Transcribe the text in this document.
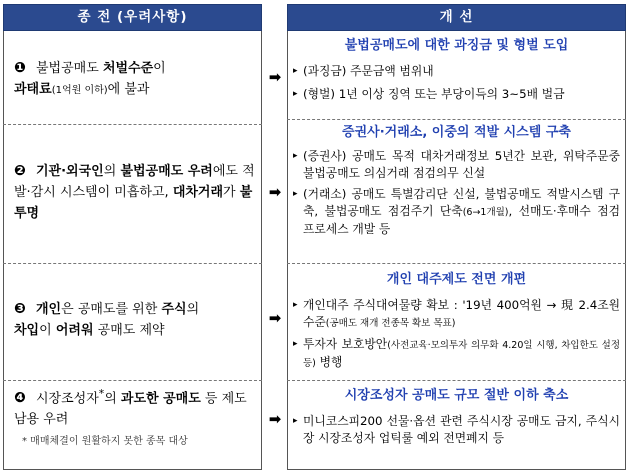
종 전 (우려사항)	개 선
❶ 불법공매도 처벌수준이
과태료(1억원 이하)에 불과
➡
불법공매도에 대한 과징금 및 형벌 도입
▸ (과징금) 주문금액 범위내
▸ (형벌) 1년 이상 징역 또는 부당이득의 3~5배 벌금
❷ 기관·외국인의 불법공매도 우려에도 적발·감시 시스템이 미흡하고, 대차거래가 불투명
➡
증권사·거래소, 이중의 적발 시스템 구축
▸ (증권사) 공매도 목적 대차거래정보 5년간 보관, 위탁주문중 불법공매도 의심거래 점검의무 신설
▸ (거래소) 공매도 특별감리단 신설, 불법공매도 적발시스템 구축, 불법공매도 점검주기 단축(6→1개월), 선매도·후매수 점검 프로세스 개발 등
❸ 개인은 공매도를 위한 주식의
차입이 어려워 공매도 제약
➡
개인 대주제도 전면 개편
▸ 개인대주 주식대여물량 확보 : '19년 400억원 → 現 2.4조원 수준(공매도 재개 전종목 확보 목표)
▸ 투자자 보호방안(사전교육·모의투자 의무화 4.20일 시행, 차입한도 설정 등) 병행
❹ 시장조성자*의 과도한 공매도 등 제도남용 우려
* 매매체결이 원활하지 못한 종목 대상
➡
시장조성자 공매도 규모 절반 이하 축소
▸ 미니코스피200 선물·옵션 관련 주식시장 공매도 금지, 주식시장 시장조성자 업틱룰 예외 전면폐지 등
